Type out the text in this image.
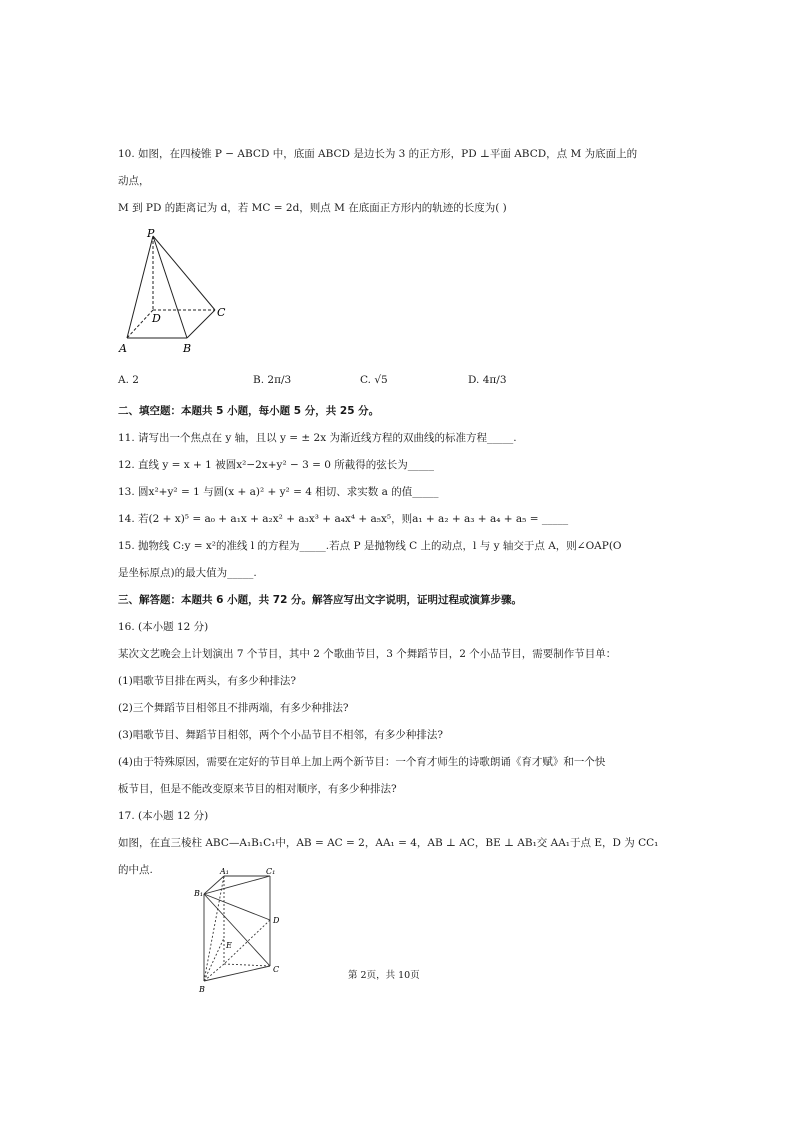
10. 如图，在四棱锥 P − ABCD 中，底面 ABCD 是边长为 3 的正方形，PD ⊥平面 ABCD，点 M 为底面上的
动点，
M 到 PD 的距离记为 d，若 MC = 2d，则点 M 在底面正方形内的轨迹的长度为( )
P
D	C
A	B
A. 2	B. 2π/3	C. √5	D. 4π/3
二、填空题：本题共 5 小题，每小题 5 分，共 25 分。
11. 请写出一个焦点在 y 轴，且以 y = ± 2x 为渐近线方程的双曲线的标准方程_____.
12. 直线 y = x + 1 被圆x²−2x+y² − 3 = 0 所截得的弦长为_____
13. 圆x²+y² = 1 与圆(x + a)² + y² = 4 相切、求实数 a 的值_____
14. 若(2 + x)⁵ = a₀ + a₁x + a₂x² + a₃x³ + a₄x⁴ + a₅x⁵，则a₁ + a₂ + a₃ + a₄ + a₅ = _____
15. 抛物线 C:y = x²的准线 l 的方程为_____.若点 P 是抛物线 C 上的动点，l 与 y 轴交于点 A，则∠OAP(O
是坐标原点)的最大值为_____.
三、解答题：本题共 6 小题，共 72 分。解答应写出文字说明，证明过程或演算步骤。
16. (本小题 12 分)
某次文艺晚会上计划演出 7 个节目，其中 2 个歌曲节目，3 个舞蹈节目，2 个小品节目，需要制作节目单：
(1)唱歌节目排在两头，有多少种排法?
(2)三个舞蹈节目相邻且不排两端，有多少种排法?
(3)唱歌节目、舞蹈节目相邻，两个个小品节目不相邻，有多少种排法?
(4)由于特殊原因，需要在定好的节目单上加上两个新节目：一个育才师生的诗歌朗诵《育才赋》和一个快
板节目，但是不能改变原来节目的相对顺序，有多少种排法?
17. (本小题 12 分)
如图，在直三棱柱 ABC—A₁B₁C₁中，AB = AC = 2，AA₁ = 4，AB ⊥ AC，BE ⊥ AB₁交 AA₁于点 E，D 为 CC₁
的中点.	A₁	C₁
B₁
D
E
C
B
第 2页，共 10页
